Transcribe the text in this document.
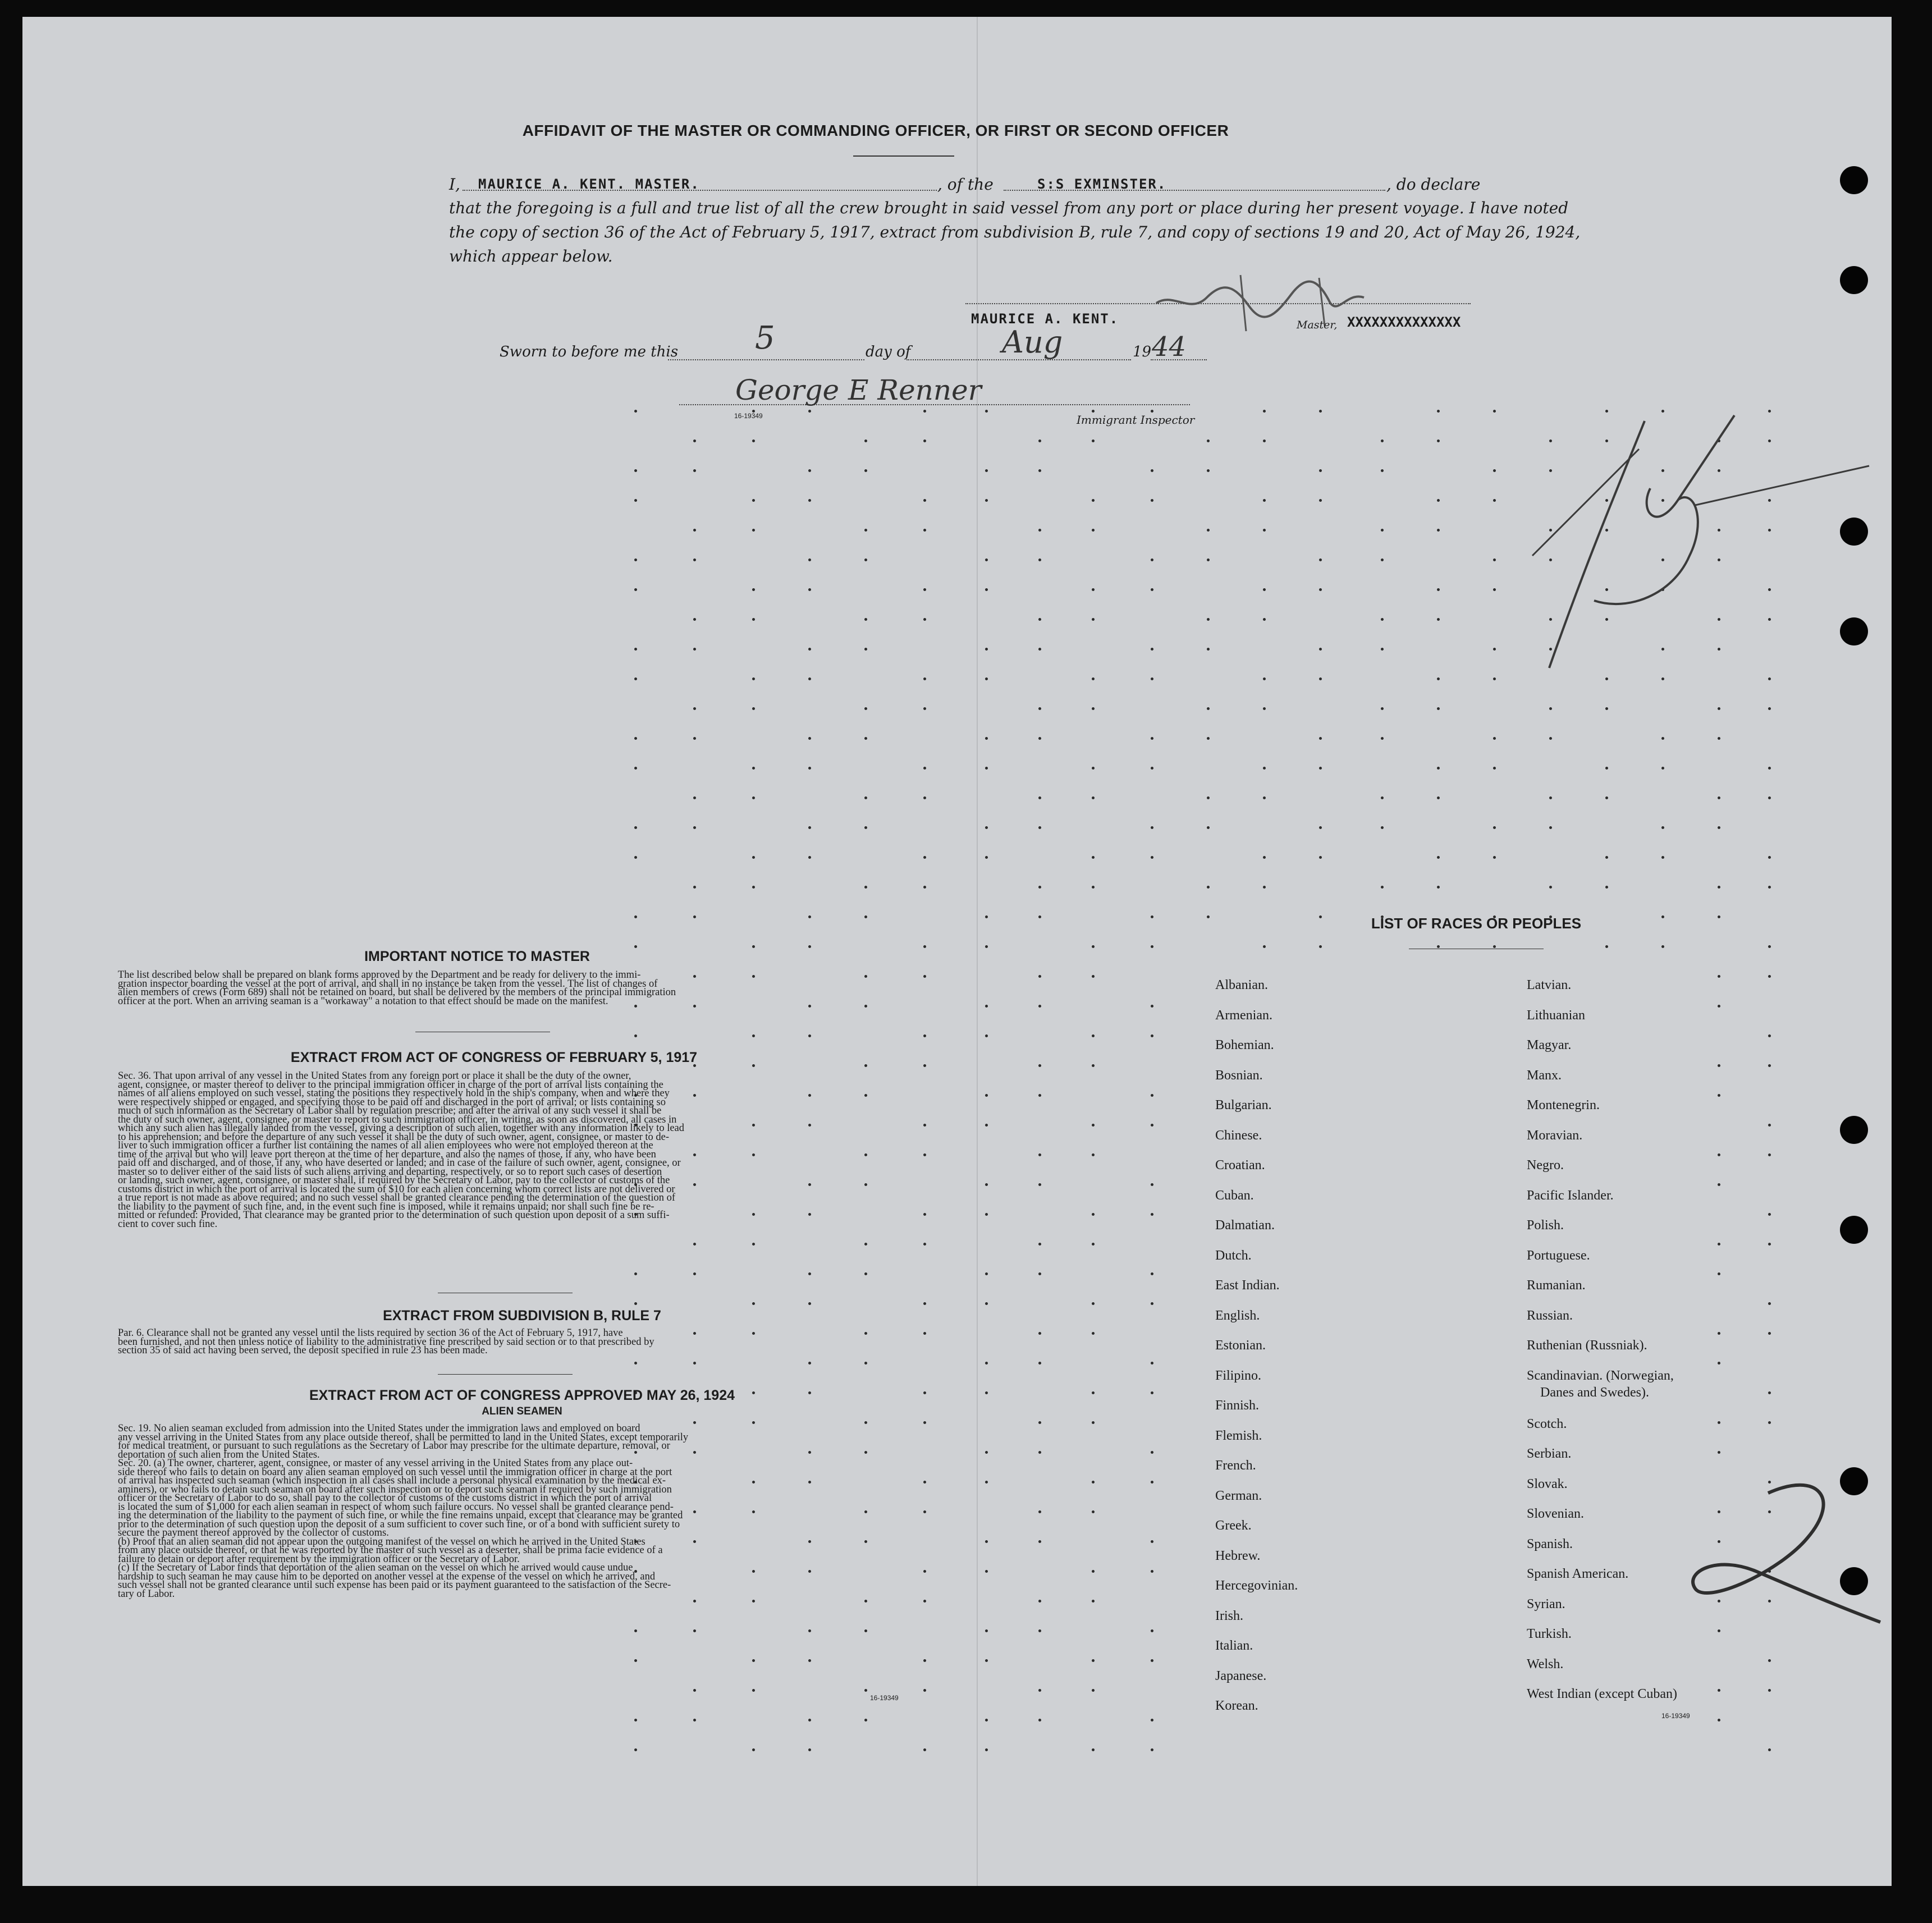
AFFIDAVIT OF THE MASTER OR COMMANDING OFFICER, OR FIRST OR SECOND OFFICER
I, MAURICE A. KENT. MASTER.	, of the	S:S EXMINSTER.	, do declare
that the foregoing is a full and true list of all the crew brought in said vessel from any port or place during her present voyage. I have noted
the copy of section 36 of the Act of February 5, 1917, extract from subdivision B, rule 7, and copy of sections 19 and 20, Act of May 26, 1924,
which appear below.
MAURICE A. KENT.	Master, XXXXXXXXXXXXXX
Sworn to before me this 5	day of	Aug	19 44
George E Renner
16-19349	Immigrant Inspector
IMPORTANT NOTICE TO MASTER
The list described below shall be prepared on blank forms approved by the Department and be ready for delivery to the immi-
gration inspector boarding the vessel at the port of arrival, and shall in no instance be taken from the vessel. The list of changes of
alien members of crews (Form 689) shall not be retained on board, but shall be delivered by the members of the principal immigration
officer at the port. When an arriving seaman is a "workaway" a notation to that effect should be made on the manifest.
EXTRACT FROM ACT OF CONGRESS OF FEBRUARY 5, 1917
Sec. 36. That upon arrival of any vessel in the United States from any foreign port or place it shall be the duty of the owner,
agent, consignee, or master thereof to deliver to the principal immigration officer in charge of the port of arrival lists containing the
names of all aliens employed on such vessel, stating the positions they respectively hold in the ship's company, when and where they
were respectively shipped or engaged, and specifying those to be paid off and discharged in the port of arrival; or lists containing so
much of such information as the Secretary of Labor shall by regulation prescribe; and after the arrival of any such vessel it shall be
the duty of such owner, agent, consignee, or master to report to such immigration officer, in writing, as soon as discovered, all cases in
which any such alien has illegally landed from the vessel, giving a description of such alien, together with any information likely to lead
to his apprehension; and before the departure of any such vessel it shall be the duty of such owner, agent, consignee, or master to de-
liver to such immigration officer a further list containing the names of all alien employees who were not employed thereon at the
time of the arrival but who will leave port thereon at the time of her departure, and also the names of those, if any, who have been
paid off and discharged, and of those, if any, who have deserted or landed; and in case of the failure of such owner, agent, consignee, or
master so to deliver either of the said lists of such aliens arriving and departing, respectively, or so to report such cases of desertion
or landing, such owner, agent, consignee, or master shall, if required by the Secretary of Labor, pay to the collector of customs of the
customs district in which the port of arrival is located the sum of $10 for each alien concerning whom correct lists are not delivered or
a true report is not made as above required; and no such vessel shall be granted clearance pending the determination of the question of
the liability to the payment of such fine, and, in the event such fine is imposed, while it remains unpaid; nor shall such fine be re-
mitted or refunded: Provided, That clearance may be granted prior to the determination of such question upon deposit of a sum suffi-
cient to cover such fine.
EXTRACT FROM SUBDIVISION B, RULE 7
Par. 6. Clearance shall not be granted any vessel until the lists required by section 36 of the Act of February 5, 1917, have
been furnished, and not then unless notice of liability to the administrative fine prescribed by said section or to that prescribed by
section 35 of said act having been served, the deposit specified in rule 23 has been made.
EXTRACT FROM ACT OF CONGRESS APPROVED MAY 26, 1924
ALIEN SEAMEN
Sec. 19. No alien seaman excluded from admission into the United States under the immigration laws and employed on board
any vessel arriving in the United States from any place outside thereof, shall be permitted to land in the United States, except temporarily
for medical treatment, or pursuant to such regulations as the Secretary of Labor may prescribe for the ultimate departure, removal, or
deportation of such alien from the United States.
Sec. 20. (a) The owner, charterer, agent, consignee, or master of any vessel arriving in the United States from any place out-
side thereof who fails to detain on board any alien seaman employed on such vessel until the immigration officer in charge at the port
of arrival has inspected such seaman (which inspection in all cases shall include a personal physical examination by the medical ex-
aminers), or who fails to detain such seaman on board after such inspection or to deport such seaman if required by such immigration
officer or the Secretary of Labor to do so, shall pay to the collector of customs of the customs district in which the port of arrival
is located the sum of $1,000 for each alien seaman in respect of whom such failure occurs. No vessel shall be granted clearance pend-
ing the determination of the liability to the payment of such fine, or while the fine remains unpaid, except that clearance may be granted
prior to the determination of such question upon the deposit of a sum sufficient to cover such fine, or of a bond with sufficient surety to
secure the payment thereof approved by the collector of customs.
(b) Proof that an alien seaman did not appear upon the outgoing manifest of the vessel on which he arrived in the United States
from any place outside thereof, or that he was reported by the master of such vessel as a deserter, shall be prima facie evidence of a
failure to detain or deport after requirement by the immigration officer or the Secretary of Labor.
(c) If the Secretary of Labor finds that deportation of the alien seaman on the vessel on which he arrived would cause undue
hardship to such seaman he may cause him to be deported on another vessel at the expense of the vessel on which he arrived, and
such vessel shall not be granted clearance until such expense has been paid or its payment guaranteed to the satisfaction of the Secre-
tary of Labor.
16-19349
LIST OF RACES OR PEOPLES
Albanian.
Armenian.
Bohemian.
Bosnian.
Bulgarian.
Chinese.
Croatian.
Cuban.
Dalmatian.
Dutch.
East Indian.
English.
Estonian.
Filipino.
Finnish.
Flemish.
French.
German.
Greek.
Hebrew.
Hercegovinian.
Irish.
Italian.
Japanese.
Korean.
Latvian.
Lithuanian
Magyar.
Manx.
Montenegrin.
Moravian.
Negro.
Pacific Islander.
Polish.
Portuguese.
Rumanian.
Russian.
Ruthenian (Russniak).
Scandinavian. (Norwegian,
Danes and Swedes).
Scotch.
Serbian.
Slovak.
Slovenian.
Spanish.
Spanish American.
Syrian.
Turkish.
Welsh.
West Indian (except Cuban)
16-19349
